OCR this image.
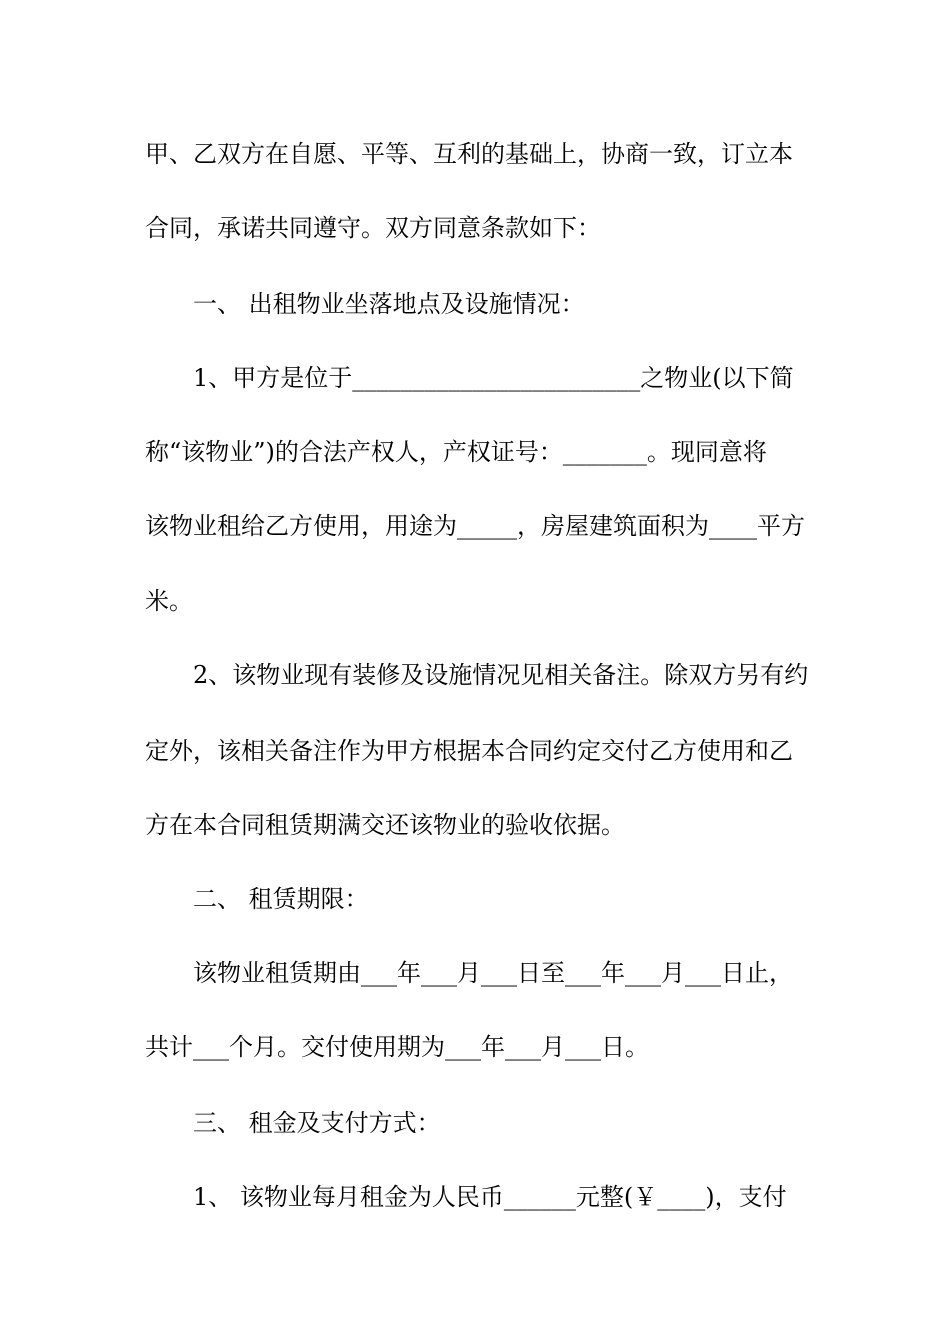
甲、乙双方在自愿、平等、互利的基础上，协商一致，订立本
合同，承诺共同遵守。双方同意条款如下：
一、 出租物业坐落地点及设施情况：
1、甲方是位于________________________之物业(以下简
称“该物业”)的合法产权人，产权证号：_______。现同意将
该物业租给乙方使用，用途为_____，房屋建筑面积为____平方
米。
2、该物业现有装修及设施情况见相关备注。除双方另有约
定外，该相关备注作为甲方根据本合同约定交付乙方使用和乙
方在本合同租赁期满交还该物业的验收依据。
二、 租赁期限：
该物业租赁期由___年___月___日至___年___月___日止，
共计___个月。交付使用期为___年___月___日。
三、 租金及支付方式：
1、 该物业每月租金为人民币______元整(￥____)，支付
